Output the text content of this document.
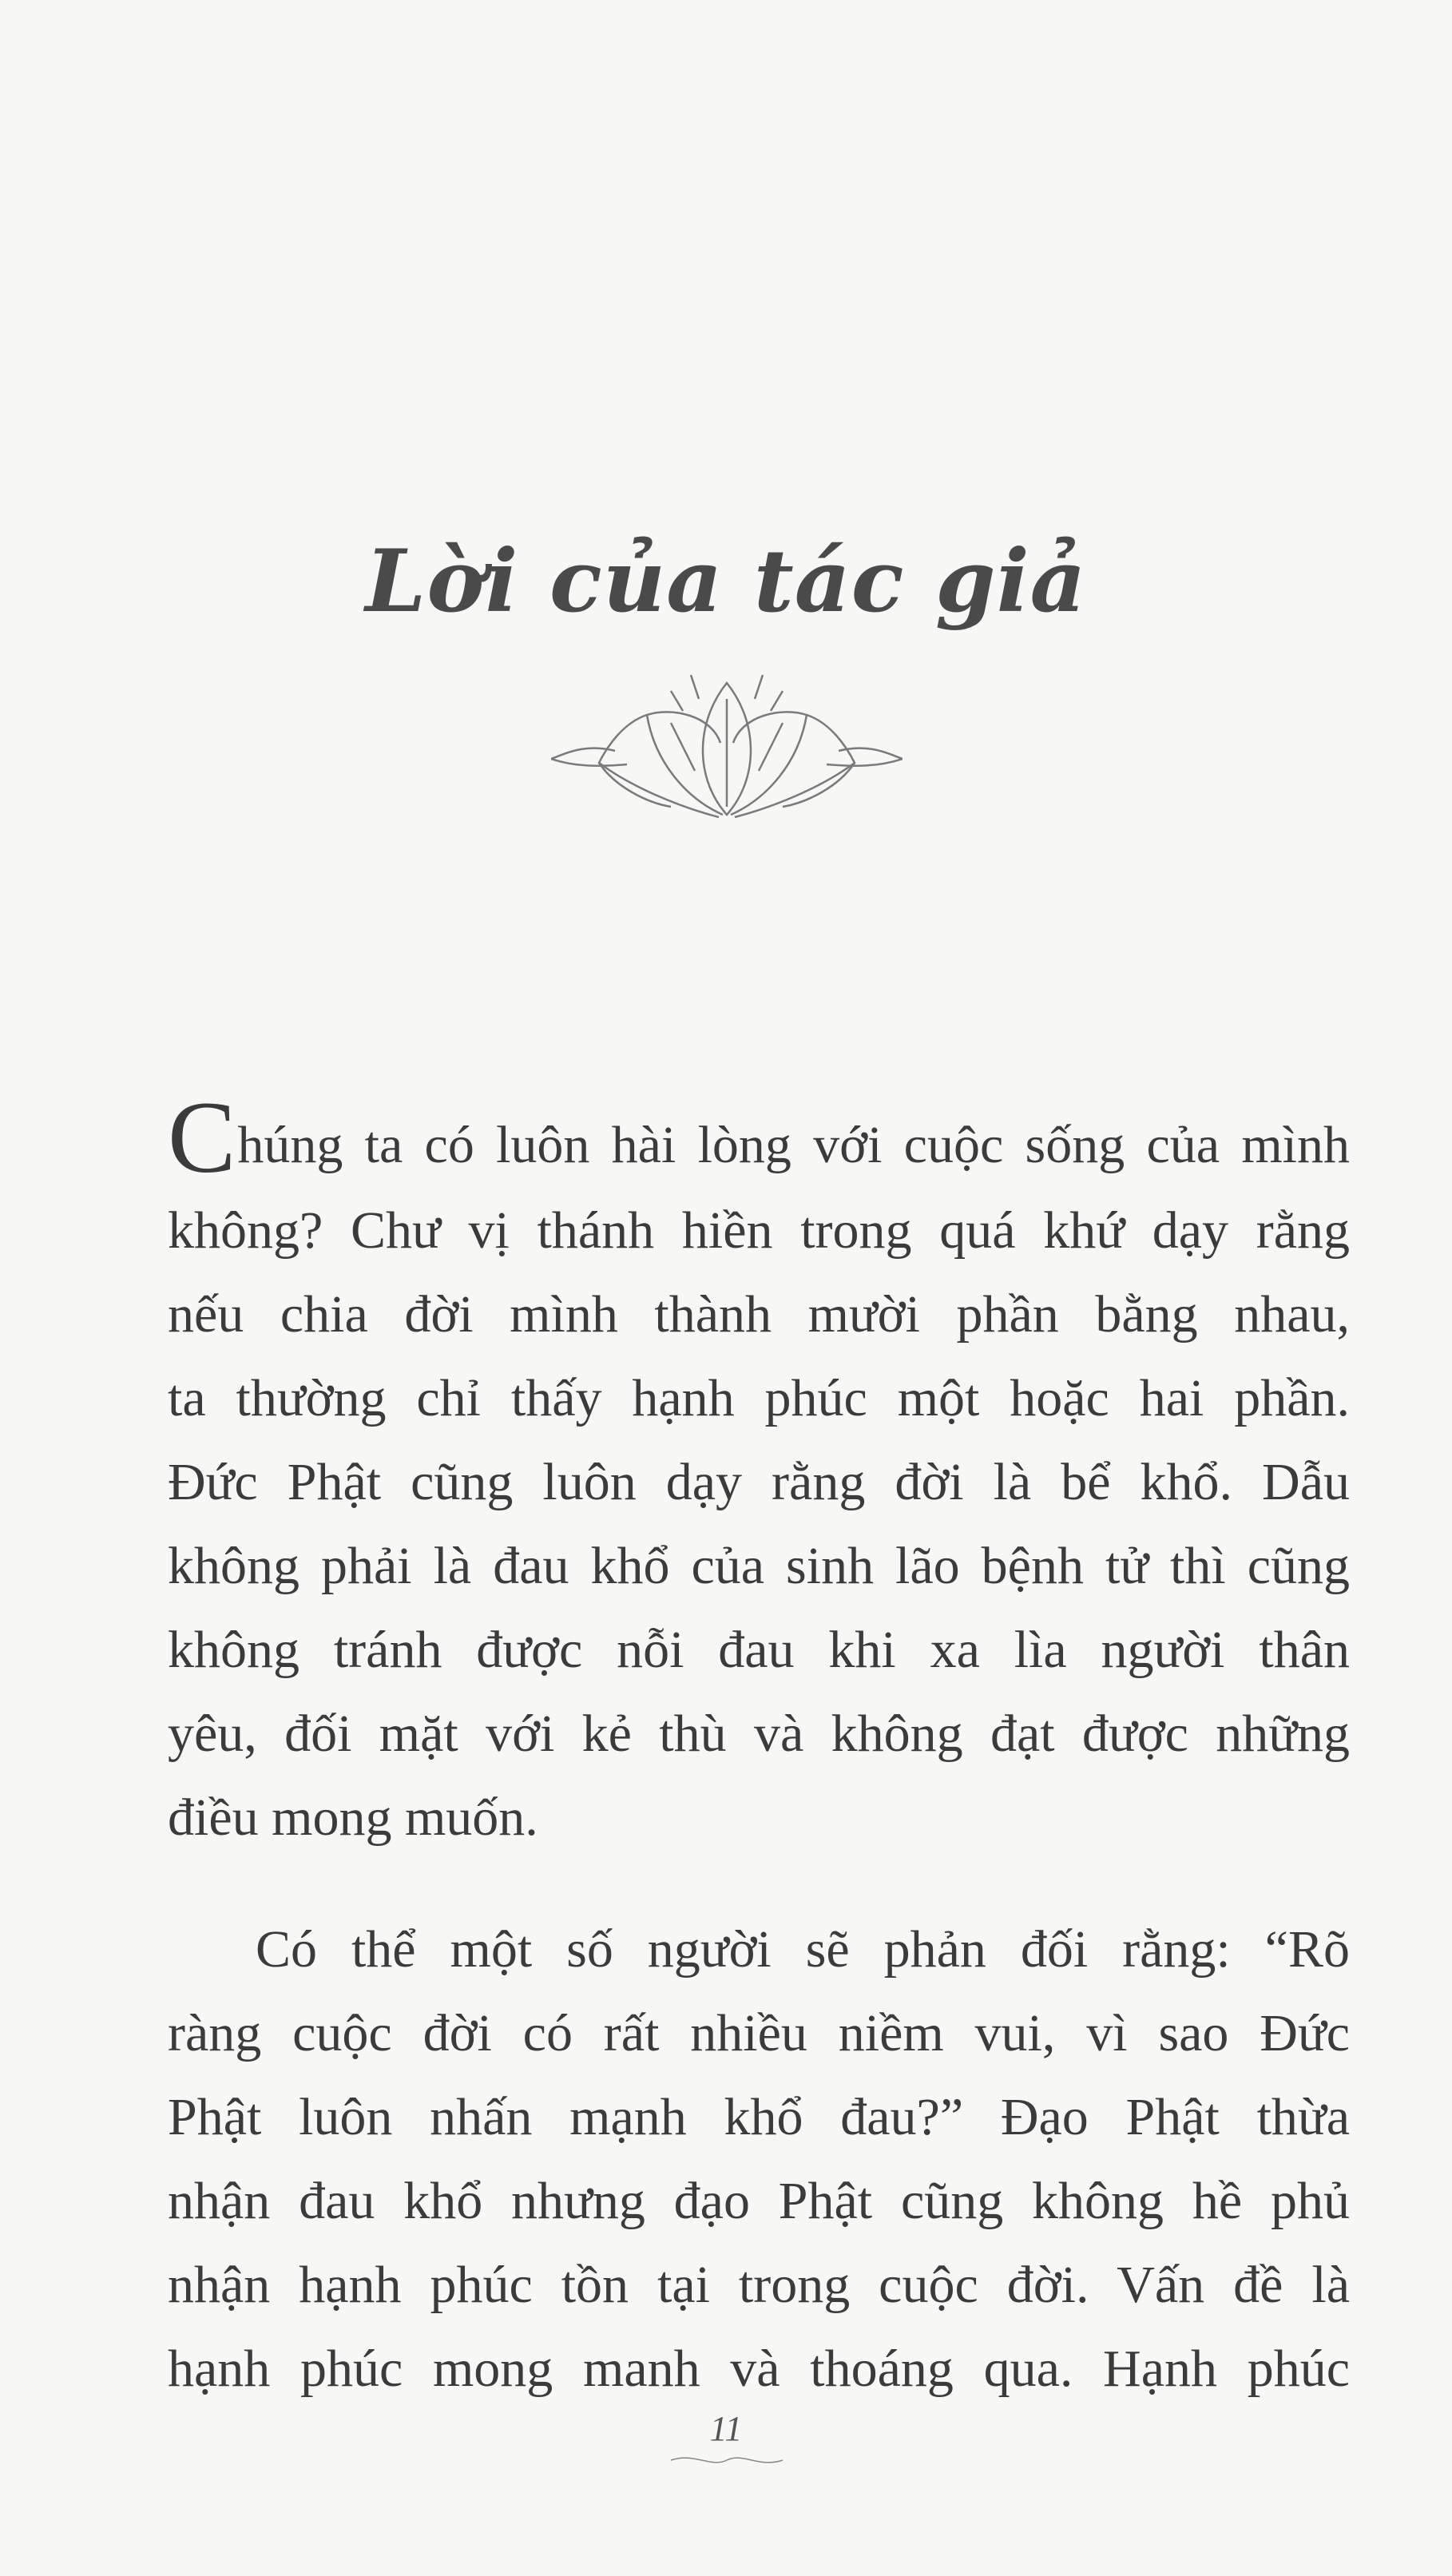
Lời của tác giả
Chúng ta có luôn hài lòng với cuộc sống của mình
không? Chư vị thánh hiền trong quá khứ dạy rằng
nếu chia đời mình thành mười phần bằng nhau,
ta thường chỉ thấy hạnh phúc một hoặc hai phần.
Đức Phật cũng luôn dạy rằng đời là bể khổ. Dẫu
không phải là đau khổ của sinh lão bệnh tử thì cũng
không tránh được nỗi đau khi xa lìa người thân
yêu, đối mặt với kẻ thù và không đạt được những
điều mong muốn.
Có thể một số người sẽ phản đối rằng: “Rõ
ràng cuộc đời có rất nhiều niềm vui, vì sao Đức
Phật luôn nhấn mạnh khổ đau?” Đạo Phật thừa
nhận đau khổ nhưng đạo Phật cũng không hề phủ
nhận hạnh phúc tồn tại trong cuộc đời. Vấn đề là
hạnh phúc mong manh và thoáng qua. Hạnh phúc
11
